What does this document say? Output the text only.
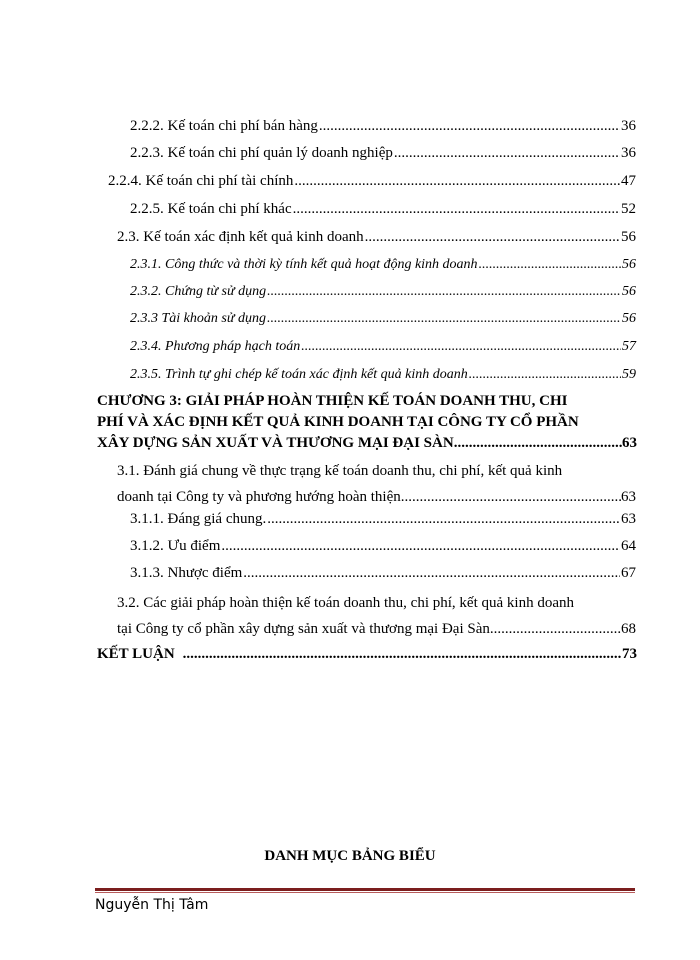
2.2.2. Kế toán chi phí bán hàng .....	36
2.2.3. Kế toán chi phí quản lý doanh nghiệp .....	36
2.2.4. Kế toán chi phí tài chính .....	47
2.2.5. Kế toán chi phí khác .....	52
2.3. Kế toán xác định kết quả kinh doanh .....	56
2.3.1. Công thức và thời kỳ tính kết quả hoạt động kinh doanh .....	56
2.3.2. Chứng từ sử dụng .....	56
2.3.3 Tài khoản sử dụng .....	56
2.3.4. Phương pháp hạch toán .....	57
2.3.5. Trình tự ghi chép kế toán xác định kết quả kinh doanh .....	59
CHƯƠNG 3: GIẢI PHÁP HOÀN THIỆN KẾ TOÁN DOANH THU, CHI
PHÍ VÀ XÁC ĐỊNH KẾT QUẢ KINH DOANH TẠI CÔNG TY CỔ PHẦN
XÂY DỰNG SẢN XUẤT VÀ THƯƠNG MẠI ĐẠI SÀN. .....	63
3.1. Đánh giá chung về thực trạng kế toán doanh thu, chi phí, kết quả kinh
doanh tại Công ty và phương hướng hoàn thiện .....	63
3.1.1. Đáng giá chung. .....	63
3.1.2. Ưu điểm .....	64
3.1.3. Nhược điểm .....	67
3.2. Các giải pháp hoàn thiện kế toán doanh thu, chi phí, kết quả kinh doanh
tại Công ty cổ phần xây dựng sản xuất và thương mại Đại Sàn. .....	68
KẾT LUẬN .....	73
DANH MỤC BẢNG BIỂU
Nguyễn Thị Tâm
